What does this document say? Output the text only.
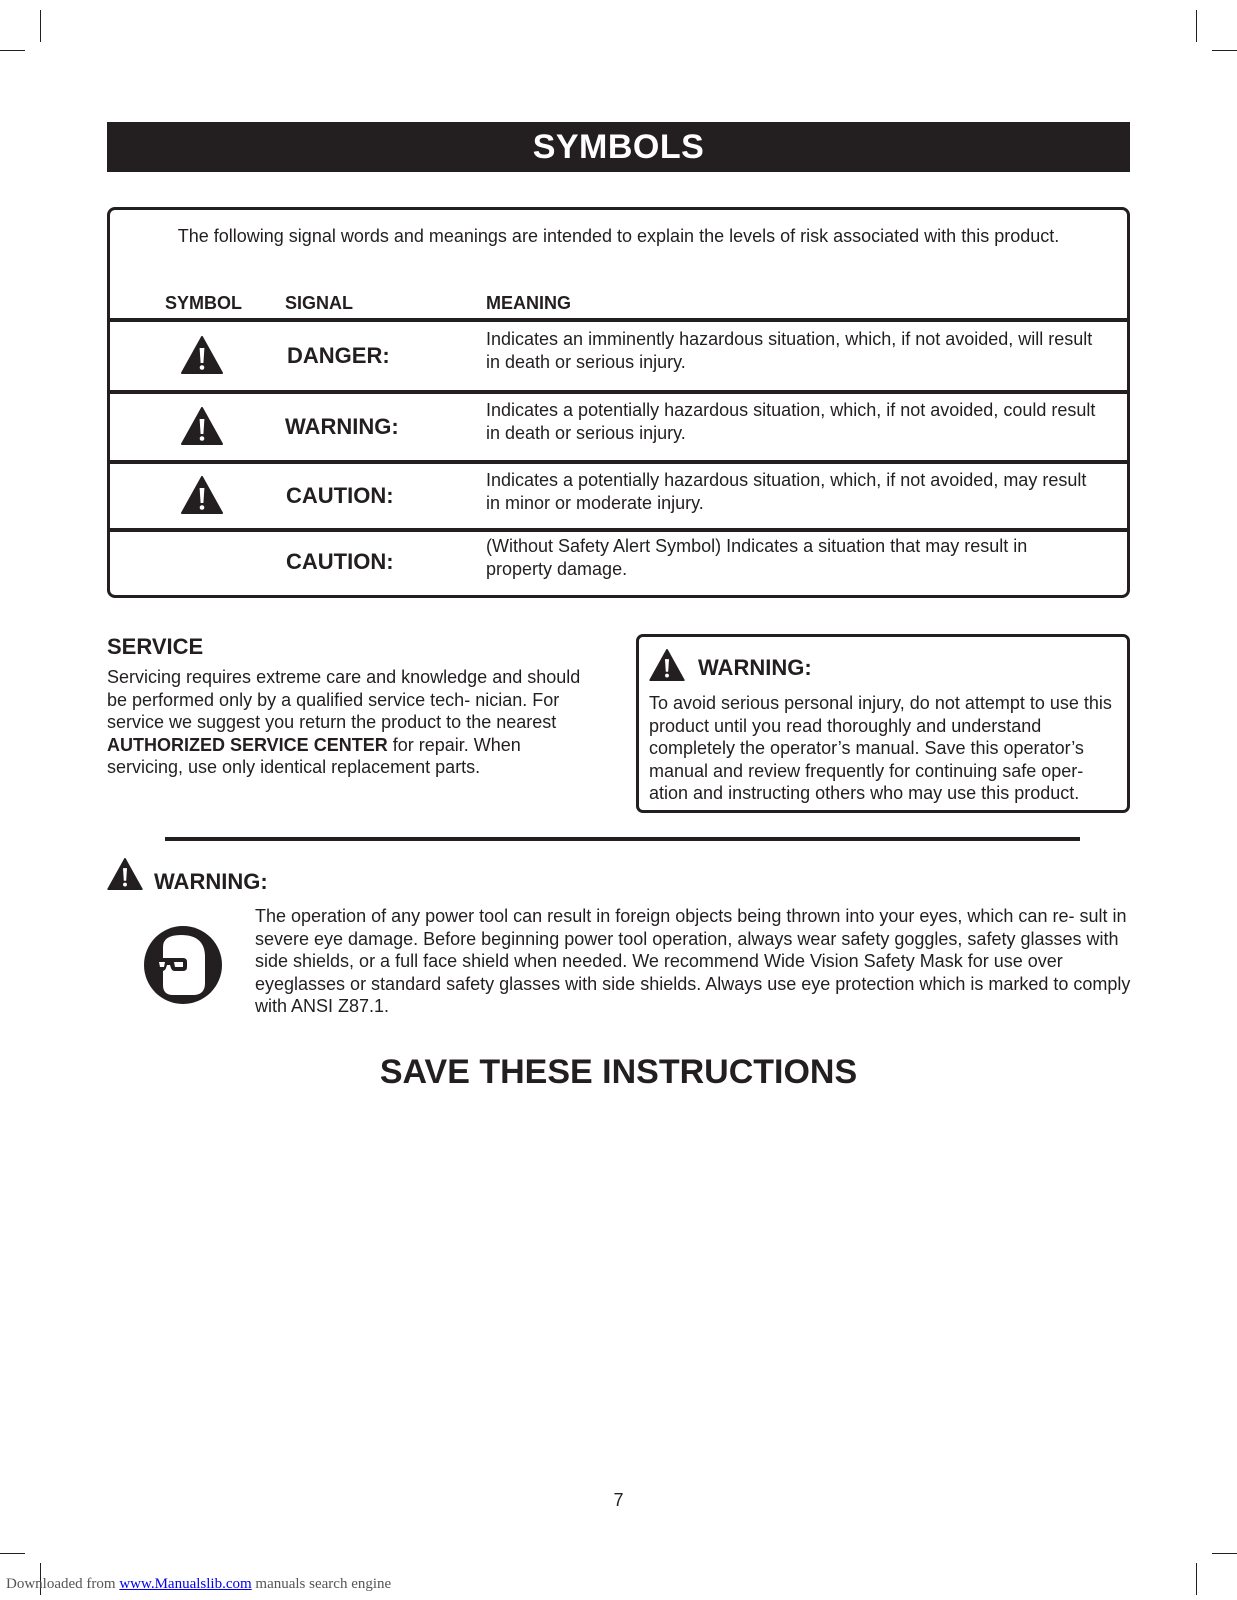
SYMBOLS
The following signal words and meanings are intended to explain the levels of risk associated with this product.
SYMBOL SIGNAL	MEANING
DANGER:
Indicates an imminently hazardous situation, which, if not avoided, will result in death or serious injury.
WARNING:
Indicates a potentially hazardous situation, which, if not avoided, could result in death or serious injury.
CAUTION:
Indicates a potentially hazardous situation, which, if not avoided, may result in minor or moderate injury.
CAUTION:
(Without Safety Alert Symbol) Indicates a situation that may result in property damage.
SERVICE
Servicing requires extreme care and knowledge and should be performed only by a qualified service tech- nician. For service we suggest you return the product to the nearest AUTHORIZED SERVICE CENTER for repair. When servicing, use only identical replacement parts.
WARNING:
To avoid serious personal injury, do not attempt to use this product until you read thoroughly and understand completely the operator’s manual. Save this operator’s manual and review frequently for continuing safe oper- ation and instructing others who may use this product.
WARNING:
The operation of any power tool can result in foreign objects being thrown into your eyes, which can re- sult in severe eye damage. Before beginning power tool operation, always wear safety goggles, safety glasses with side shields, or a full face shield when needed. We recommend Wide Vision Safety Mask for use over eyeglasses or standard safety glasses with side shields. Always use eye protection which is marked to comply with ANSI Z87.1.
SAVE THESE INSTRUCTIONS
7
Downloaded from www.Manualslib.com manuals search engine
